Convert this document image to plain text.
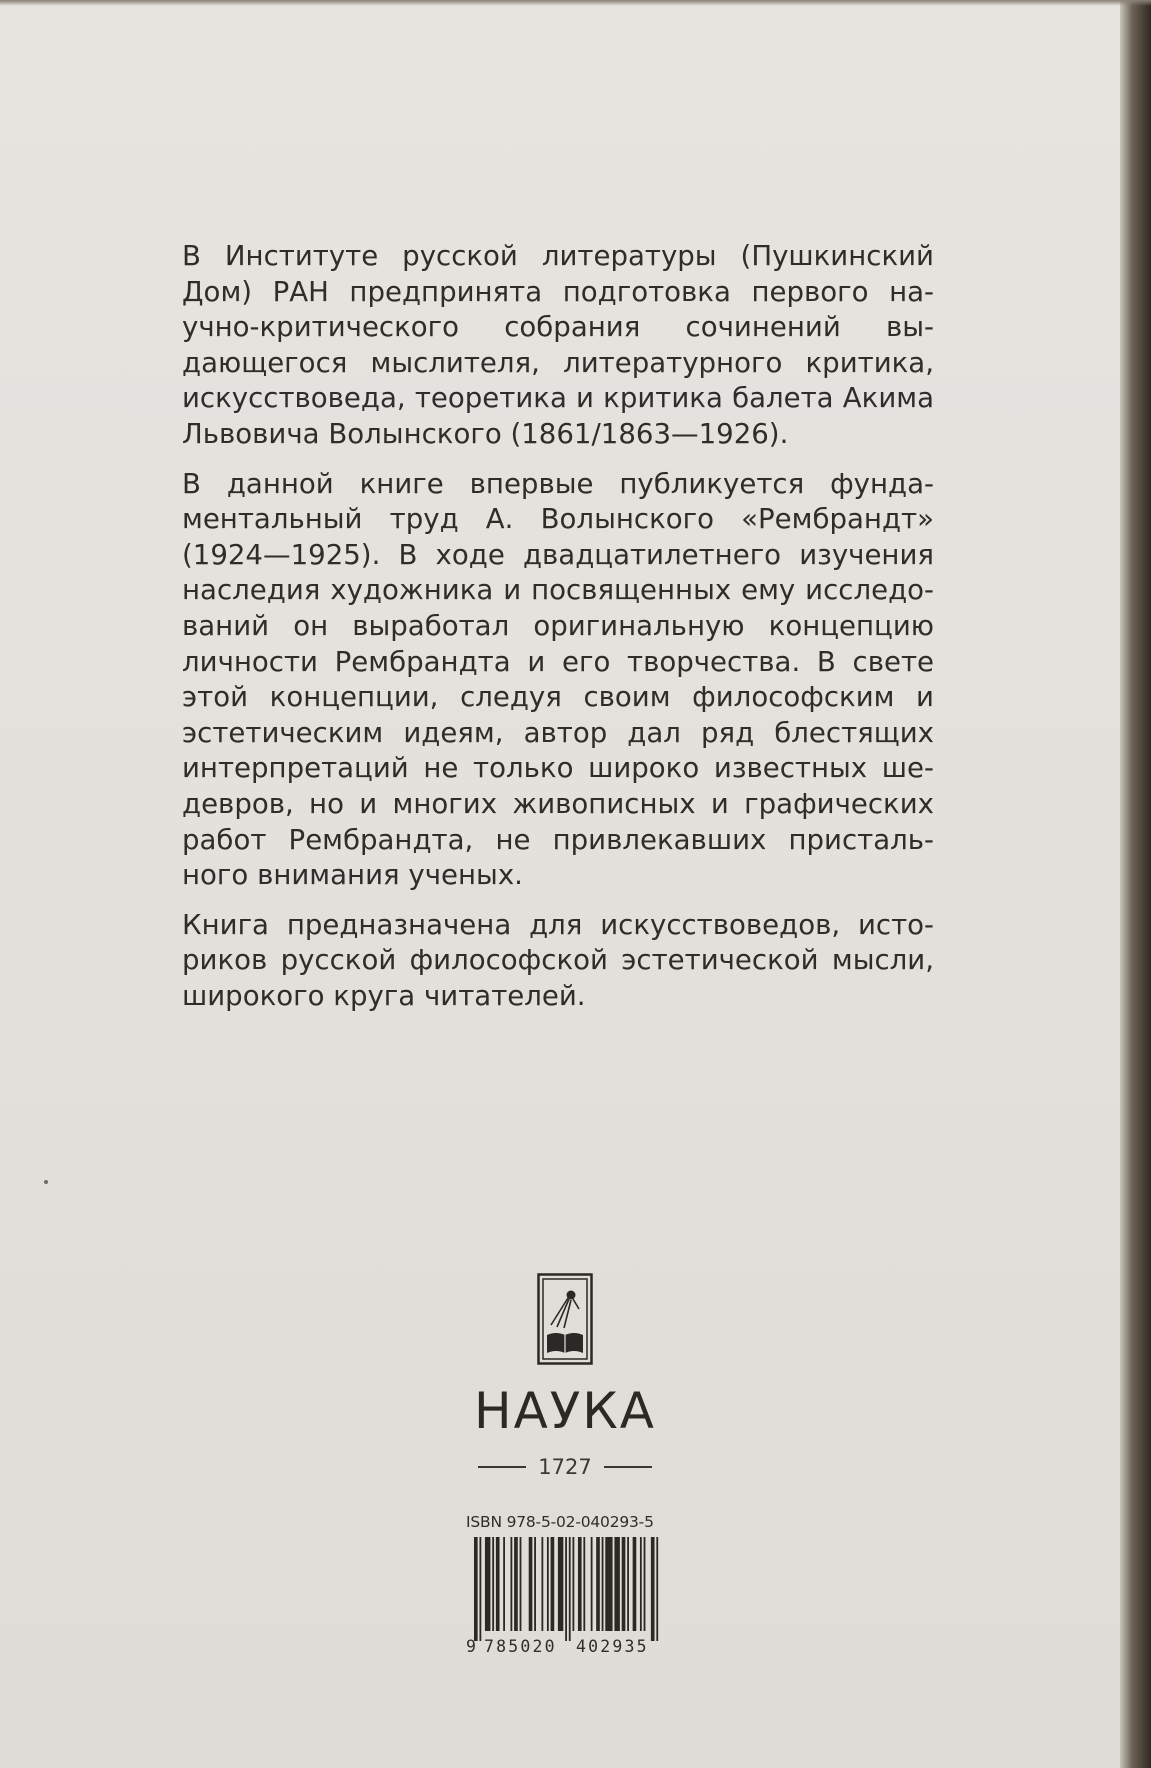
В Институте русской литературы (Пушкинский Дом) РАН предпринята подготовка первого научно-критического собрания сочинений выдающегося мыслителя, литературного критика, искусствоведа, теоретика и критика балета Акима Львовича Волынского (1861/1863—1926).

В данной книге впервые публикуется фундаментальный труд А. Волынского «Рембрандт» (1924—1925). В ходе двадцатилетнего изучения наследия художника и посвященных ему исследований он выработал оригинальную концепцию личности Рембрандта и его творчества. В свете этой концепции, следуя своим философским и эстетическим идеям, автор дал ряд блестящих интерпретаций не только широко известных шедевров, но и многих живописных и графических работ Рембрандта, не привлекавших пристального внимания ученых.

Книга предназначена для искусствоведов, историков русской философской эстетической мысли, широкого круга читателей.

НАУКА
1727
ISBN 978-5-02-040293-5
9 785020 402935
